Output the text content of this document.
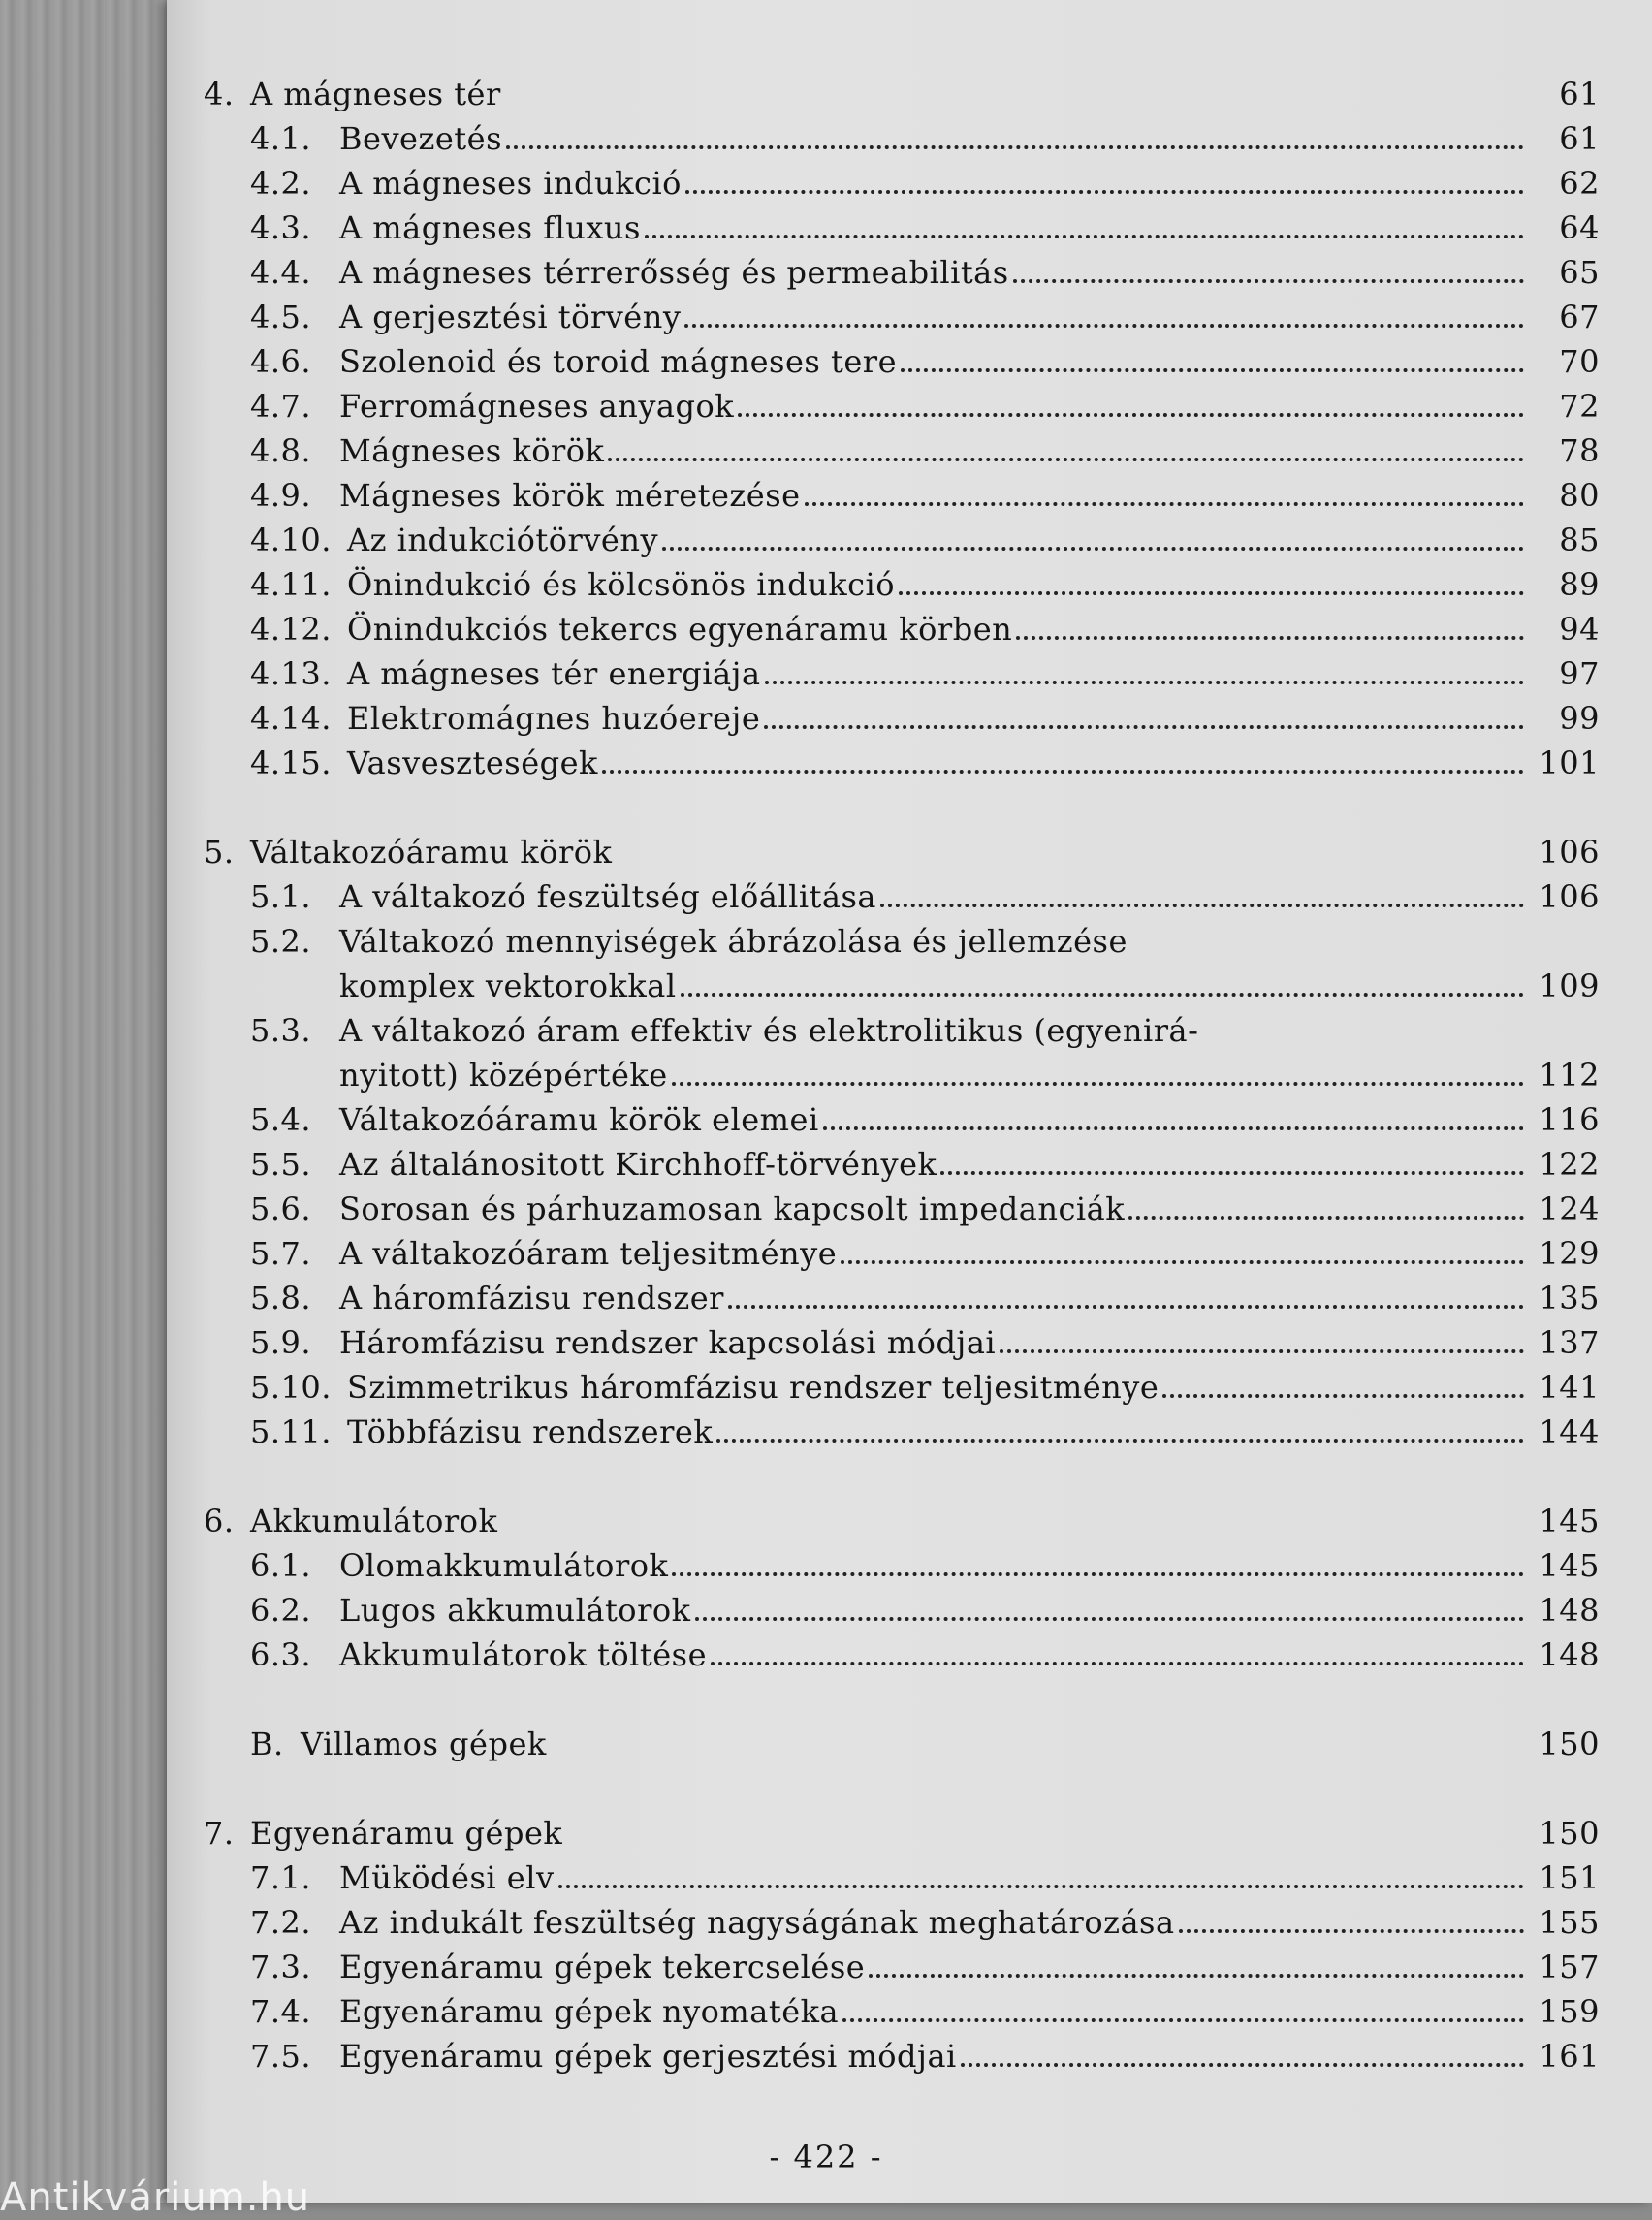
4. A mágneses tér	61
4.1. Bevezetés	61
4.2. A mágneses indukció	62
4.3. A mágneses fluxus	64
4.4. A mágneses térrerősség és permeabilitás	65
4.5. A gerjesztési törvény	67
4.6. Szolenoid és toroid mágneses tere	70
4.7. Ferromágneses anyagok	72
4.8. Mágneses körök	78
4.9. Mágneses körök méretezése	80
4.10. Az indukciótörvény	85
4.11. Önindukció és kölcsönös indukció	89
4.12. Önindukciós tekercs egyenáramu körben	94
4.13. A mágneses tér energiája	97
4.14. Elektromágnes huzóereje	99
4.15. Vasveszteségek	101
5. Váltakozóáramu körök	106
5.1. A váltakozó feszültség előállitása	106
5.2. Váltakozó mennyiségek ábrázolása és jellemzése
komplex vektorokkal	109
5.3. A váltakozó áram effektiv és elektrolitikus (egyenirá-
nyitott) középértéke	112
5.4. Váltakozóáramu körök elemei	116
5.5. Az általánositott Kirchhoff-törvények	122
5.6. Sorosan és párhuzamosan kapcsolt impedanciák	124
5.7. A váltakozóáram teljesitménye	129
5.8. A háromfázisu rendszer	135
5.9. Háromfázisu rendszer kapcsolási módjai	137
5.10. Szimmetrikus háromfázisu rendszer teljesitménye	141
5.11. Többfázisu rendszerek	144
6. Akkumulátorok	145
6.1. Olomakkumulátorok	145
6.2. Lugos akkumulátorok	148
6.3. Akkumulátorok töltése	148
B. Villamos gépek	150
7. Egyenáramu gépek	150
7.1. Müködési elv	151
7.2. Az indukált feszültség nagyságának meghatározása	155
7.3. Egyenáramu gépek tekercselése	157
7.4. Egyenáramu gépek nyomatéka	159
7.5. Egyenáramu gépek gerjesztési módjai	161
- 422 -
Antikvárium.hu
